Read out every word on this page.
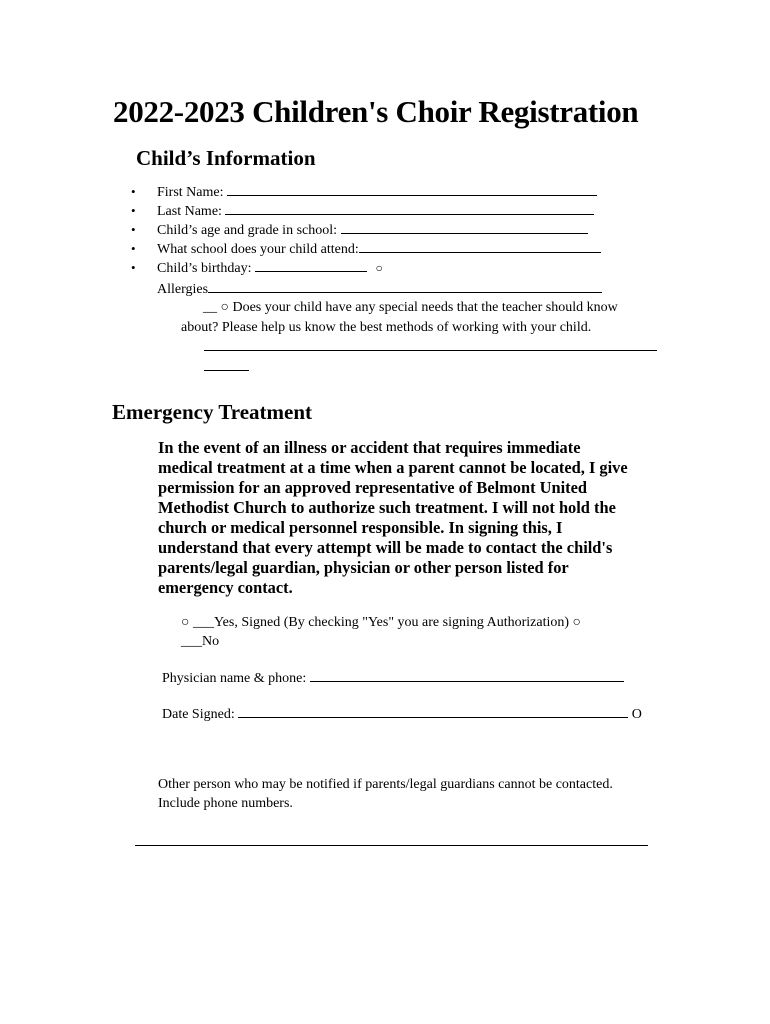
2022-2023 Children's Choir Registration
Child’s Information
• First Name:
• Last Name:
• Child’s age and grade in school:
• What school does your child attend:
• Child’s birthday:	○
Allergies
__ ○ Does your child have any special needs that the teacher should know
about? Please help us know the best methods of working with your child.
Emergency Treatment
In the event of an illness or accident that requires immediate
medical treatment at a time when a parent cannot be located, I give
permission for an approved representative of Belmont United
Methodist Church to authorize such treatment. I will not hold the
church or medical personnel responsible. In signing this, I
understand that every attempt will be made to contact the child's
parents/legal guardian, physician or other person listed for
emergency contact.
○ ___Yes, Signed (By checking "Yes" you are signing Authorization) ○
___No
Physician name & phone:
Date Signed:	O
Other person who may be notified if parents/legal guardians cannot be contacted.
Include phone numbers.
